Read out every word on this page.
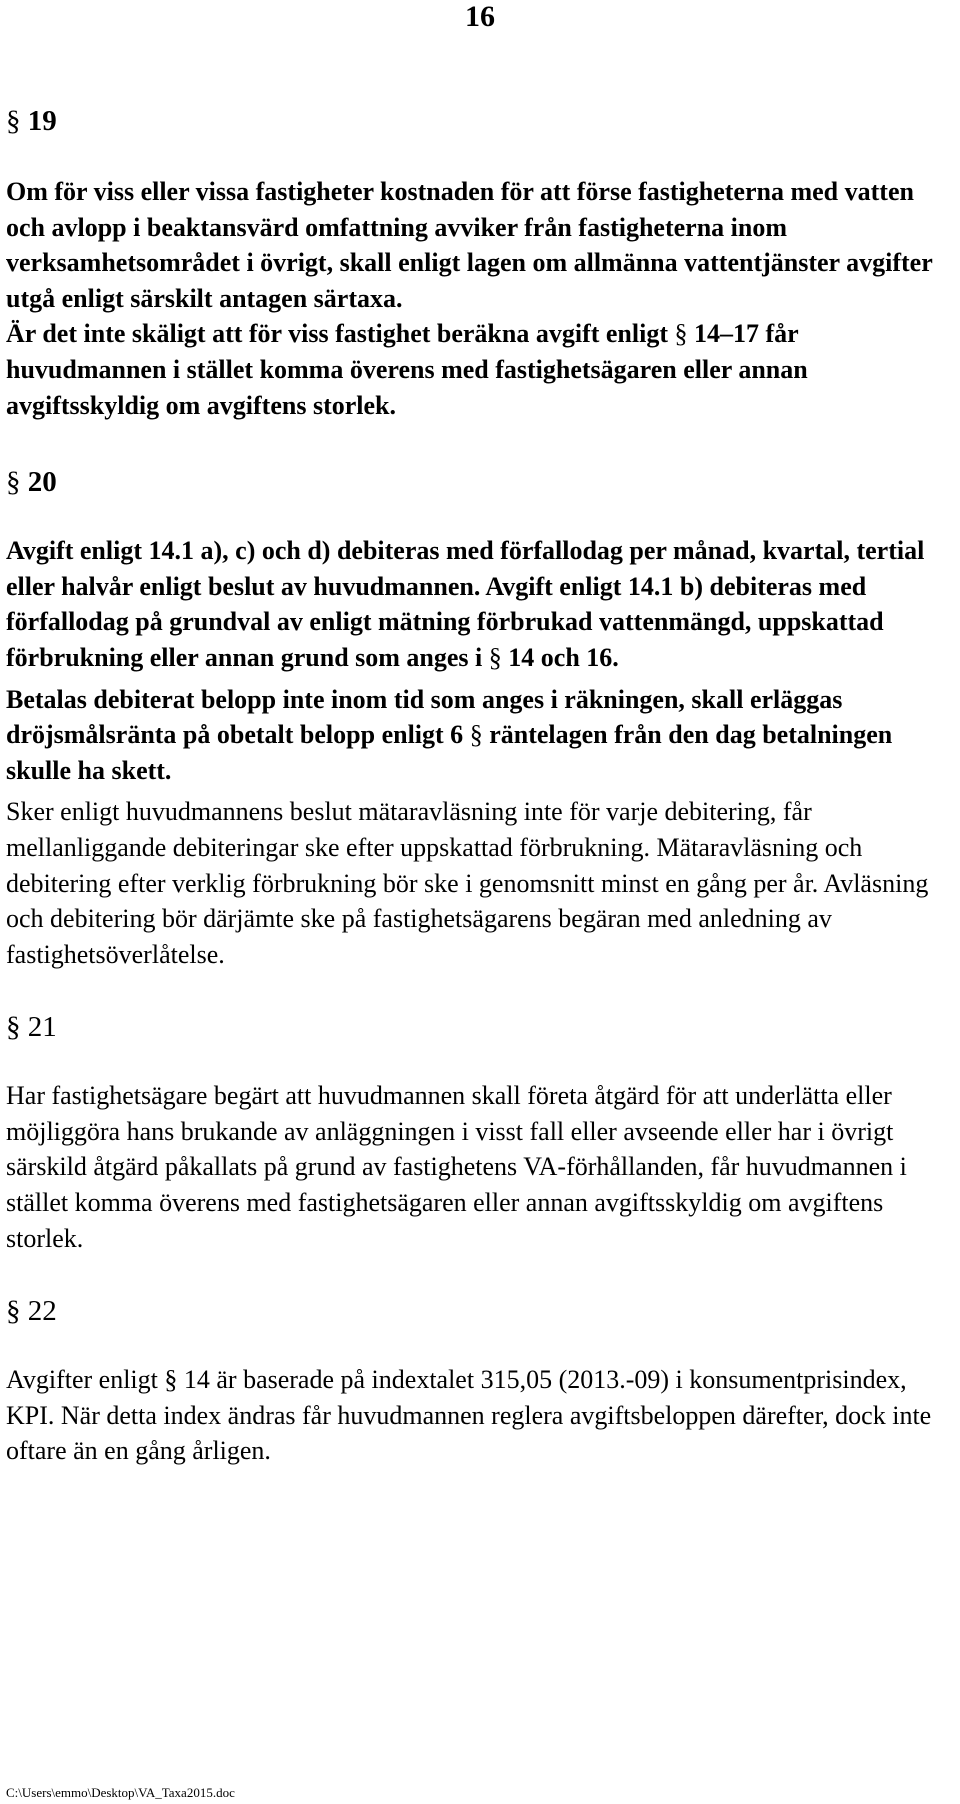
16
§ 19

Om för viss eller vissa fastigheter kostnaden för att förse fastigheterna med vatten och avlopp i beaktansvärd omfattning avviker från fastigheterna inom verksamhetsområdet i övrigt, skall enligt lagen om allmänna vattentjänster avgifter utgå enligt särskilt antagen särtaxa.

Är det inte skäligt att för viss fastighet beräkna avgift enligt § 14–17 får huvudmannen i stället komma överens med fastighetsägaren eller annan avgiftsskyldig om avgiftens storlek.

§ 20

Avgift enligt 14.1 a), c) och d) debiteras med förfallodag per månad, kvartal, tertial eller halvår enligt beslut av huvudmannen. Avgift enligt 14.1 b) debiteras med förfallodag på grundval av enligt mätning förbrukad vattenmängd, uppskattad förbrukning eller annan grund som anges i § 14 och 16.

Betalas debiterat belopp inte inom tid som anges i räkningen, skall erläggas dröjsmålsränta på obetalt belopp enligt 6 § räntelagen från den dag betalningen skulle ha skett.

Sker enligt huvudmannens beslut mätaravläsning inte för varje debitering, får mellanliggande debiteringar ske efter uppskattad förbrukning. Mätaravläsning och debitering efter verklig förbrukning bör ske i genomsnitt minst en gång per år. Avläsning och debitering bör därjämte ske på fastighetsägarens begäran med anledning av fastighetsöverlåtelse.

§ 21

Har fastighetsägare begärt att huvudmannen skall företa åtgärd för att underlätta eller möjliggöra hans brukande av anläggningen i visst fall eller avseende eller har i övrigt särskild åtgärd påkallats på grund av fastighetens VA-förhållanden, får huvudmannen i stället komma överens med fastighetsägaren eller annan avgiftsskyldig om avgiftens storlek.

§ 22

Avgifter enligt § 14 är baserade på indextalet 315,05 (2013.-09) i konsumentprisindex, KPI. När detta index ändras får huvudmannen reglera avgiftsbeloppen därefter, dock inte oftare än en gång årligen.

C:\Users\emmo\Desktop\VA_Taxa2015.doc
